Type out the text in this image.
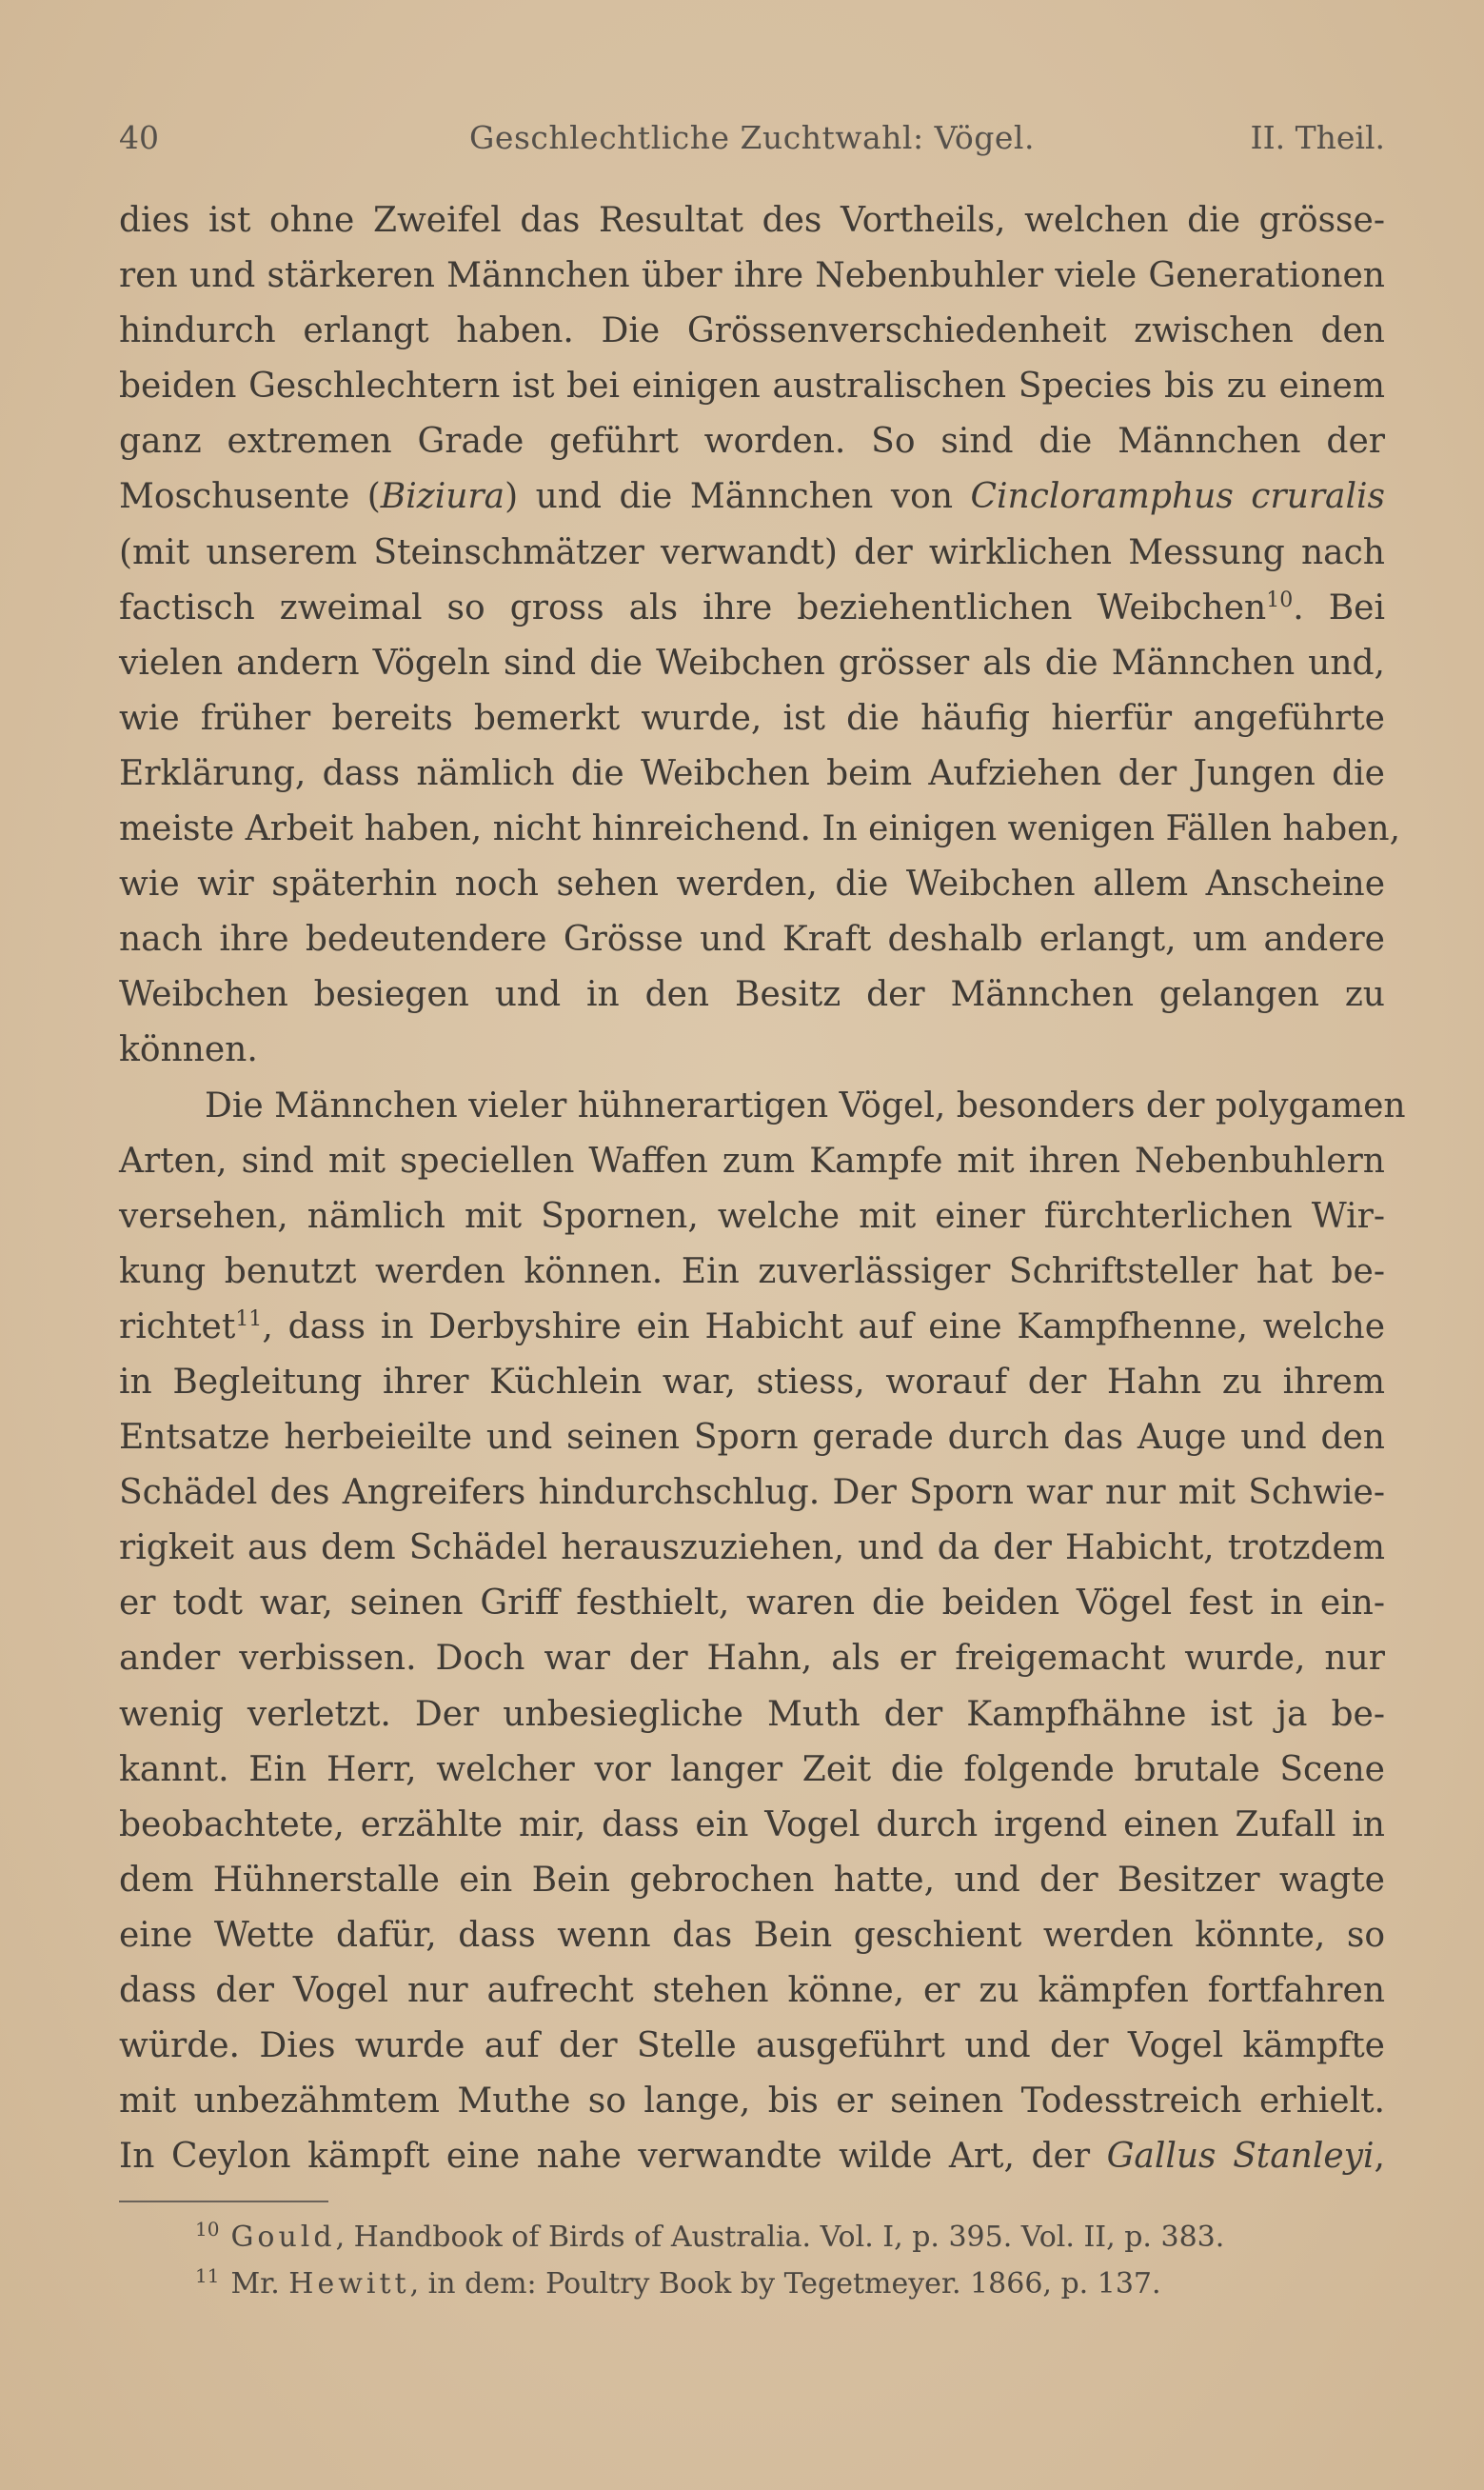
40	Geschlechtliche Zuchtwahl: Vögel.	II. Theil.
dies ist ohne Zweifel das Resultat des Vortheils, welchen die grösse-
ren und stärkeren Männchen über ihre Nebenbuhler viele Generationen
hindurch erlangt haben. Die Grössenverschiedenheit zwischen den
beiden Geschlechtern ist bei einigen australischen Species bis zu einem
ganz extremen Grade geführt worden. So sind die Männchen der
Moschusente (Biziura) und die Männchen von Cincloramphus cruralis
(mit unserem Steinschmätzer verwandt) der wirklichen Messung nach
factisch zweimal so gross als ihre beziehentlichen Weibchen$^{10}$. Bei
vielen andern Vögeln sind die Weibchen grösser als die Männchen und,
wie früher bereits bemerkt wurde, ist die häufig hierfür angeführte
Erklärung, dass nämlich die Weibchen beim Aufziehen der Jungen die
meiste Arbeit haben, nicht hinreichend. In einigen wenigen Fällen haben,
wie wir späterhin noch sehen werden, die Weibchen allem Anscheine
nach ihre bedeutendere Grösse und Kraft deshalb erlangt, um andere
Weibchen besiegen und in den Besitz der Männchen gelangen zu
können.
Die Männchen vieler hühnerartigen Vögel, besonders der polygamen
Arten, sind mit speciellen Waffen zum Kampfe mit ihren Nebenbuhlern
versehen, nämlich mit Spornen, welche mit einer fürchterlichen Wir-
kung benutzt werden können. Ein zuverlässiger Schriftsteller hat be-
richtet$^{11}$, dass in Derbyshire ein Habicht auf eine Kampfhenne, welche
in Begleitung ihrer Küchlein war, stiess, worauf der Hahn zu ihrem
Entsatze herbeieilte und seinen Sporn gerade durch das Auge und den
Schädel des Angreifers hindurchschlug. Der Sporn war nur mit Schwie-
rigkeit aus dem Schädel herauszuziehen, und da der Habicht, trotzdem
er todt war, seinen Griff festhielt, waren die beiden Vögel fest in ein-
ander verbissen. Doch war der Hahn, als er freigemacht wurde, nur
wenig verletzt. Der unbesiegliche Muth der Kampfhähne ist ja be-
kannt. Ein Herr, welcher vor langer Zeit die folgende brutale Scene
beobachtete, erzählte mir, dass ein Vogel durch irgend einen Zufall in
dem Hühnerstalle ein Bein gebrochen hatte, und der Besitzer wagte
eine Wette dafür, dass wenn das Bein geschient werden könnte, so
dass der Vogel nur aufrecht stehen könne, er zu kämpfen fortfahren
würde. Dies wurde auf der Stelle ausgeführt und der Vogel kämpfte
mit unbezähmtem Muthe so lange, bis er seinen Todesstreich erhielt.
In Ceylon kämpft eine nahe verwandte wilde Art, der Gallus Stanleyi,
$^{10}$ Gould, Handbook of Birds of Australia. Vol. I, p. 395. Vol. II, p. 383.
$^{11}$ Mr. Hewitt, in dem: Poultry Book by Tegetmeyer. 1866, p. 137.
